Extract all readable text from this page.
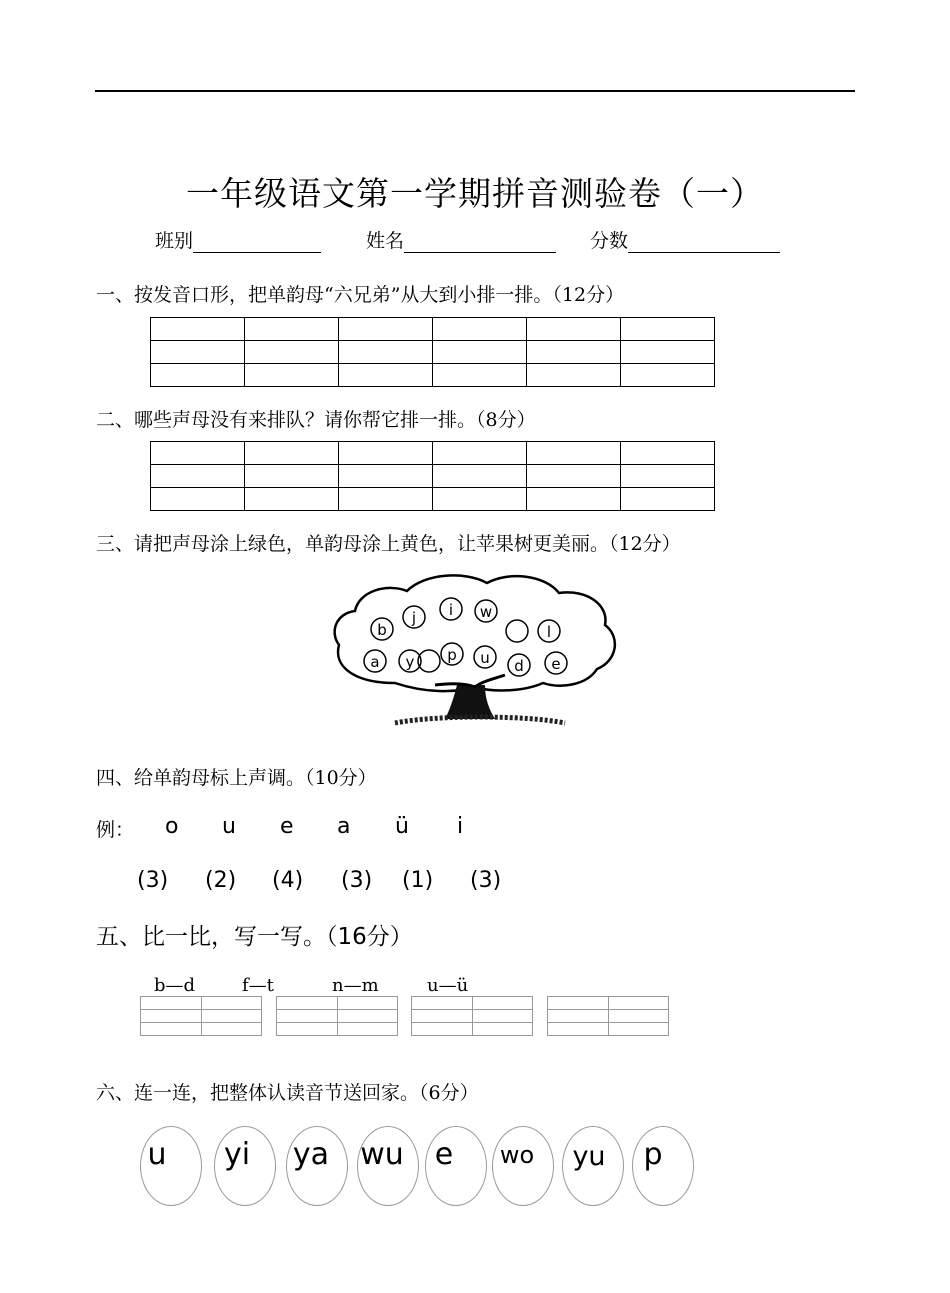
一年级语文第一学期拼音测验卷（一）
班别	姓名	分数
一、按发音口形，把单韵母“六兄弟”从大到小排一排。（12分）

二、哪些声母没有来排队？请你帮它排一排。（8分）

三、请把声母涂上绿色，单韵母涂上黄色，让苹果树更美丽。（12分）
b
j i w
l
a y p u d e
四、给单韵母标上声调。（10分）
例： o u e a ü i
(3) (2) (4) (3) (1) (3)
五、比一比，写一写。（16分）
b—d	f—t	n—m	u—ü
六、连一连，把整体认读音节送回家。（6分）
u	yi	ya	wu	e	wo	yu	p
